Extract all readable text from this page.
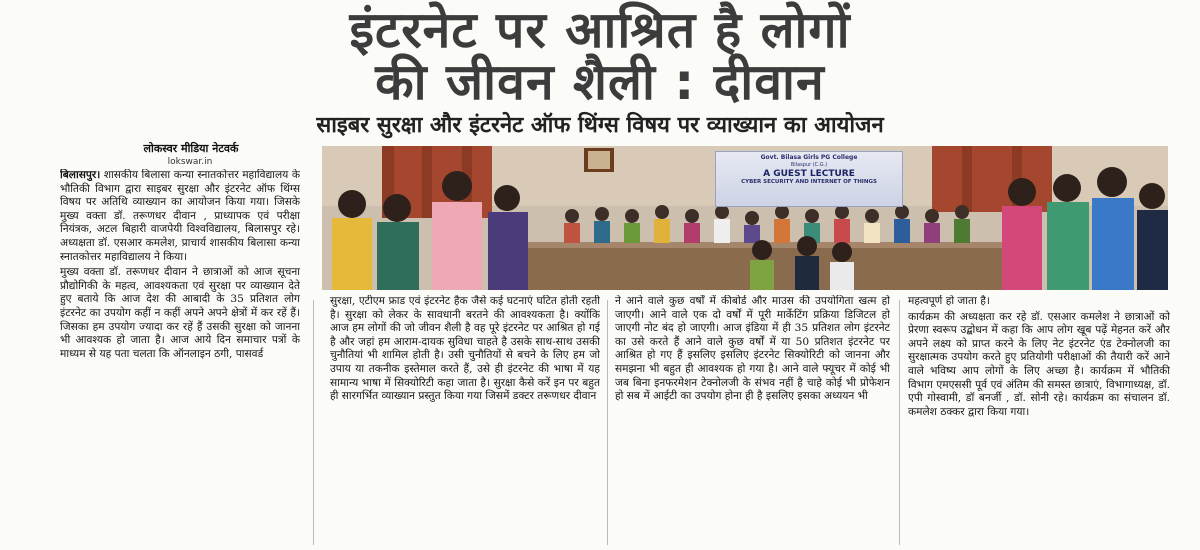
इंटरनेट पर आश्रित है लोगों
की जीवन शैली : दीवान
साइबर सुरक्षा और इंटरनेट ऑफ थिंग्स विषय पर व्याख्यान का आयोजन
लोकस्वर मीडिया नेटवर्क
lokswar.in

बिलासपुर। शासकीय बिलासा कन्या स्नातकोत्तर महाविद्यालय के भौतिकी विभाग द्वारा साइबर सुरक्षा और इंटरनेट ऑफ थिंग्स विषय पर अतिथि व्याख्यान का आयोजन किया गया। जिसके मुख्य वक्ता डॉ. तरूणधर दीवान , प्राध्यापक एवं परीक्षा नियंत्रक, अटल बिहारी वाजपेयी विश्वविद्यालय, बिलासपुर रहे। अध्यक्षता डॉ. एसआर कमलेश, प्राचार्य शासकीय बिलासा कन्या स्नातकोत्तर महाविद्यालय ने किया।

मुख्य वक्ता डॉ. तरूणधर दीवान ने छात्राओं को आज सूचना प्रौद्योगिकी के महत्व, आवश्यकता एवं सुरक्षा पर व्याख्यान देते हुए बताये कि आज देश की आबादी के 35 प्रतिशत लोग इंटरनेट का उपयोग कहीं न कहीं अपने अपने क्षेत्रों में कर रहें हैं। जिसका हम उपयोग ज्यादा कर रहें हैं उसकी सुरक्षा को जानना भी आवश्यक हो जाता है। आज आये दिन समाचार पत्रों के माध्यम से यह पता चलता कि ऑनलाइन ठगी, पासवर्ड

Govt. Bilasa Girls PG College
Bilaspur (C.G.)
A GUEST LECTURE
CYBER SECURITY AND INTERNET OF THINGS

सुरक्षा, एटीएम फ्राड एवं इंटरनेट हैक जैसे कई घटनाएं घटित होती रहती है। सुरक्षा को लेकर के सावधानी बरतने की आवश्यकता है। क्योंकि आज हम लोगों की जो जीवन शैली है वह पूरे इंटरनेट पर आश्रित हो गई है और जहां हम आराम-दायक सुविधा चाहते है उसके साथ-साथ उसकी चुनौतियां भी शामिल होती है। उसी चुनौतियों से बचने के लिए हम जो उपाय या तकनीक इस्तेमाल करते हैं, उसे ही इंटरनेट की भाषा में यह सामान्य भाषा में सिक्योरिटी कहा जाता है। सुरक्षा कैसे करें इन पर बहुत ही सारगर्भित व्याख्यान प्रस्तुत किया गया जिसमें डक्टर तरूणधर दीवान

ने आने वाले कुछ वर्षों में कीबोर्ड और माउस की उपयोगिता खत्म हो जाएगी। आने वाले एक दो वर्षों में पूरी मार्केटिंग प्रक्रिया डिजिटल हो जाएगी नोट बंद हो जाएगी। आज इंडिया में ही 35 प्रतिशत लोग इंटरनेट का उसे करते हैं आने वाले कुछ वर्षों में या 50 प्रतिशत इंटरनेट पर आश्रित हो गए हैं इसलिए इसलिए इंटरनेट सिक्योरिटी को जानना और समझना भी बहुत ही आवश्यक हो गया है। आने वाले फ्यूचर में कोई भी जब बिना इनफरमेशन टेक्नोलजी के संभव नहीं है चाहे कोई भी प्रोफेशन हो सब में आईटी का उपयोग होना ही है इसलिए इसका अध्ययन भी

महत्वपूर्ण हो जाता है।

कार्यक्रम की अध्यक्षता कर रहे डॉ. एसआर कमलेश ने छात्राओं को प्रेरणा स्वरूप उद्बोधन में कहा कि आप लोग खूब पढ़ें मेहनत करें और अपने लक्ष्य को प्राप्त करने के लिए नेट इंटरनेट एंड टेक्नोलजी का सुरक्षात्मक उपयोग करते हुए प्रतियोगी परीक्षाओं की तैयारी करें आने वाले भविष्य आप लोगों के लिए अच्छा है। कार्यक्रम में भौतिकी विभाग एमएससी पूर्व एवं अंतिम की समस्त छात्राएं, विभागाध्यक्ष, डॉ. एपी गोस्वामी, डॉ बनर्जी , डॉ. सोनी रहे। कार्यक्रम का संचालन डॉ. कमलेश ठक्कर द्वारा किया गया।
